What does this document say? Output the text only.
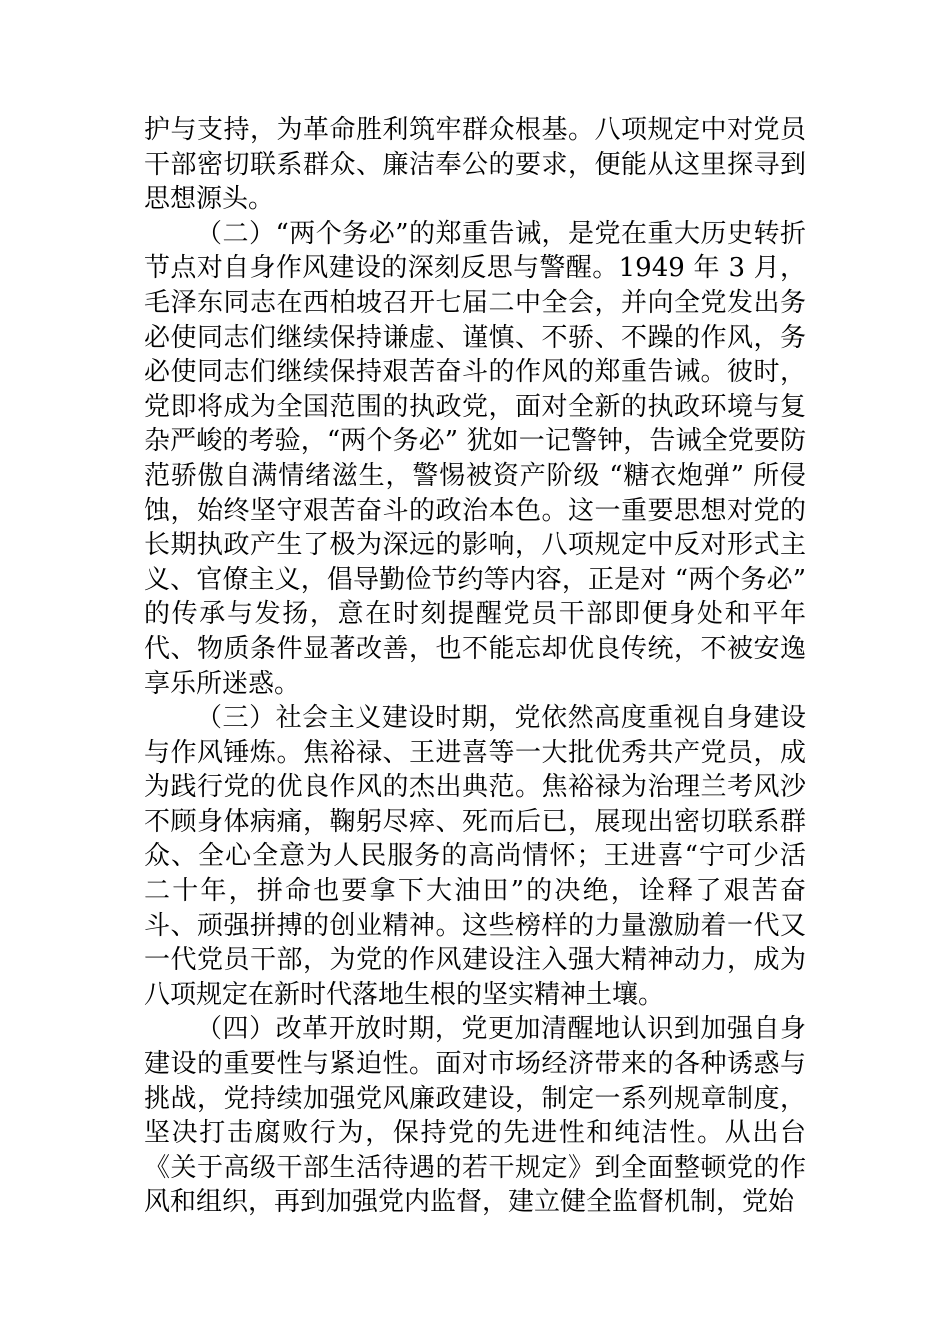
护与支持，为革命胜利筑牢群众根基。八项规定中对党员干部密切联系群众、廉洁奉公的要求，便能从这里探寻到思想源头。

（二）“两个务必”的郑重告诫，是党在重大历史转折节点对自身作风建设的深刻反思与警醒。1949 年 3 月，毛泽东同志在西柏坡召开七届二中全会，并向全党发出务必使同志们继续保持谦虚、谨慎、不骄、不躁的作风，务必使同志们继续保持艰苦奋斗的作风的郑重告诫。彼时，党即将成为全国范围的执政党，面对全新的执政环境与复杂严峻的考验，“两个务必” 犹如一记警钟，告诫全党要防范骄傲自满情绪滋生，警惕被资产阶级 “糖衣炮弹” 所侵蚀，始终坚守艰苦奋斗的政治本色。这一重要思想对党的长期执政产生了极为深远的影响，八项规定中反对形式主义、官僚主义，倡导勤俭节约等内容，正是对 “两个务必” 的传承与发扬，意在时刻提醒党员干部即便身处和平年代、物质条件显著改善，也不能忘却优良传统，不被安逸享乐所迷惑。

（三）社会主义建设时期，党依然高度重视自身建设与作风锤炼。焦裕禄、王进喜等一大批优秀共产党员，成为践行党的优良作风的杰出典范。焦裕禄为治理兰考风沙不顾身体病痛，鞠躬尽瘁、死而后已，展现出密切联系群众、全心全意为人民服务的高尚情怀；王进喜“宁可少活二十年，拼命也要拿下大油田”的决绝，诠释了艰苦奋斗、顽强拼搏的创业精神。这些榜样的力量激励着一代又一代党员干部，为党的作风建设注入强大精神动力，成为八项规定在新时代落地生根的坚实精神土壤。

（四）改革开放时期，党更加清醒地认识到加强自身建设的重要性与紧迫性。面对市场经济带来的各种诱惑与挑战，党持续加强党风廉政建设，制定一系列规章制度，坚决打击腐败行为，保持党的先进性和纯洁性。从出台《关于高级干部生活待遇的若干规定》到全面整顿党的作风和组织，再到加强党内监督，建立健全监督机制，党始
